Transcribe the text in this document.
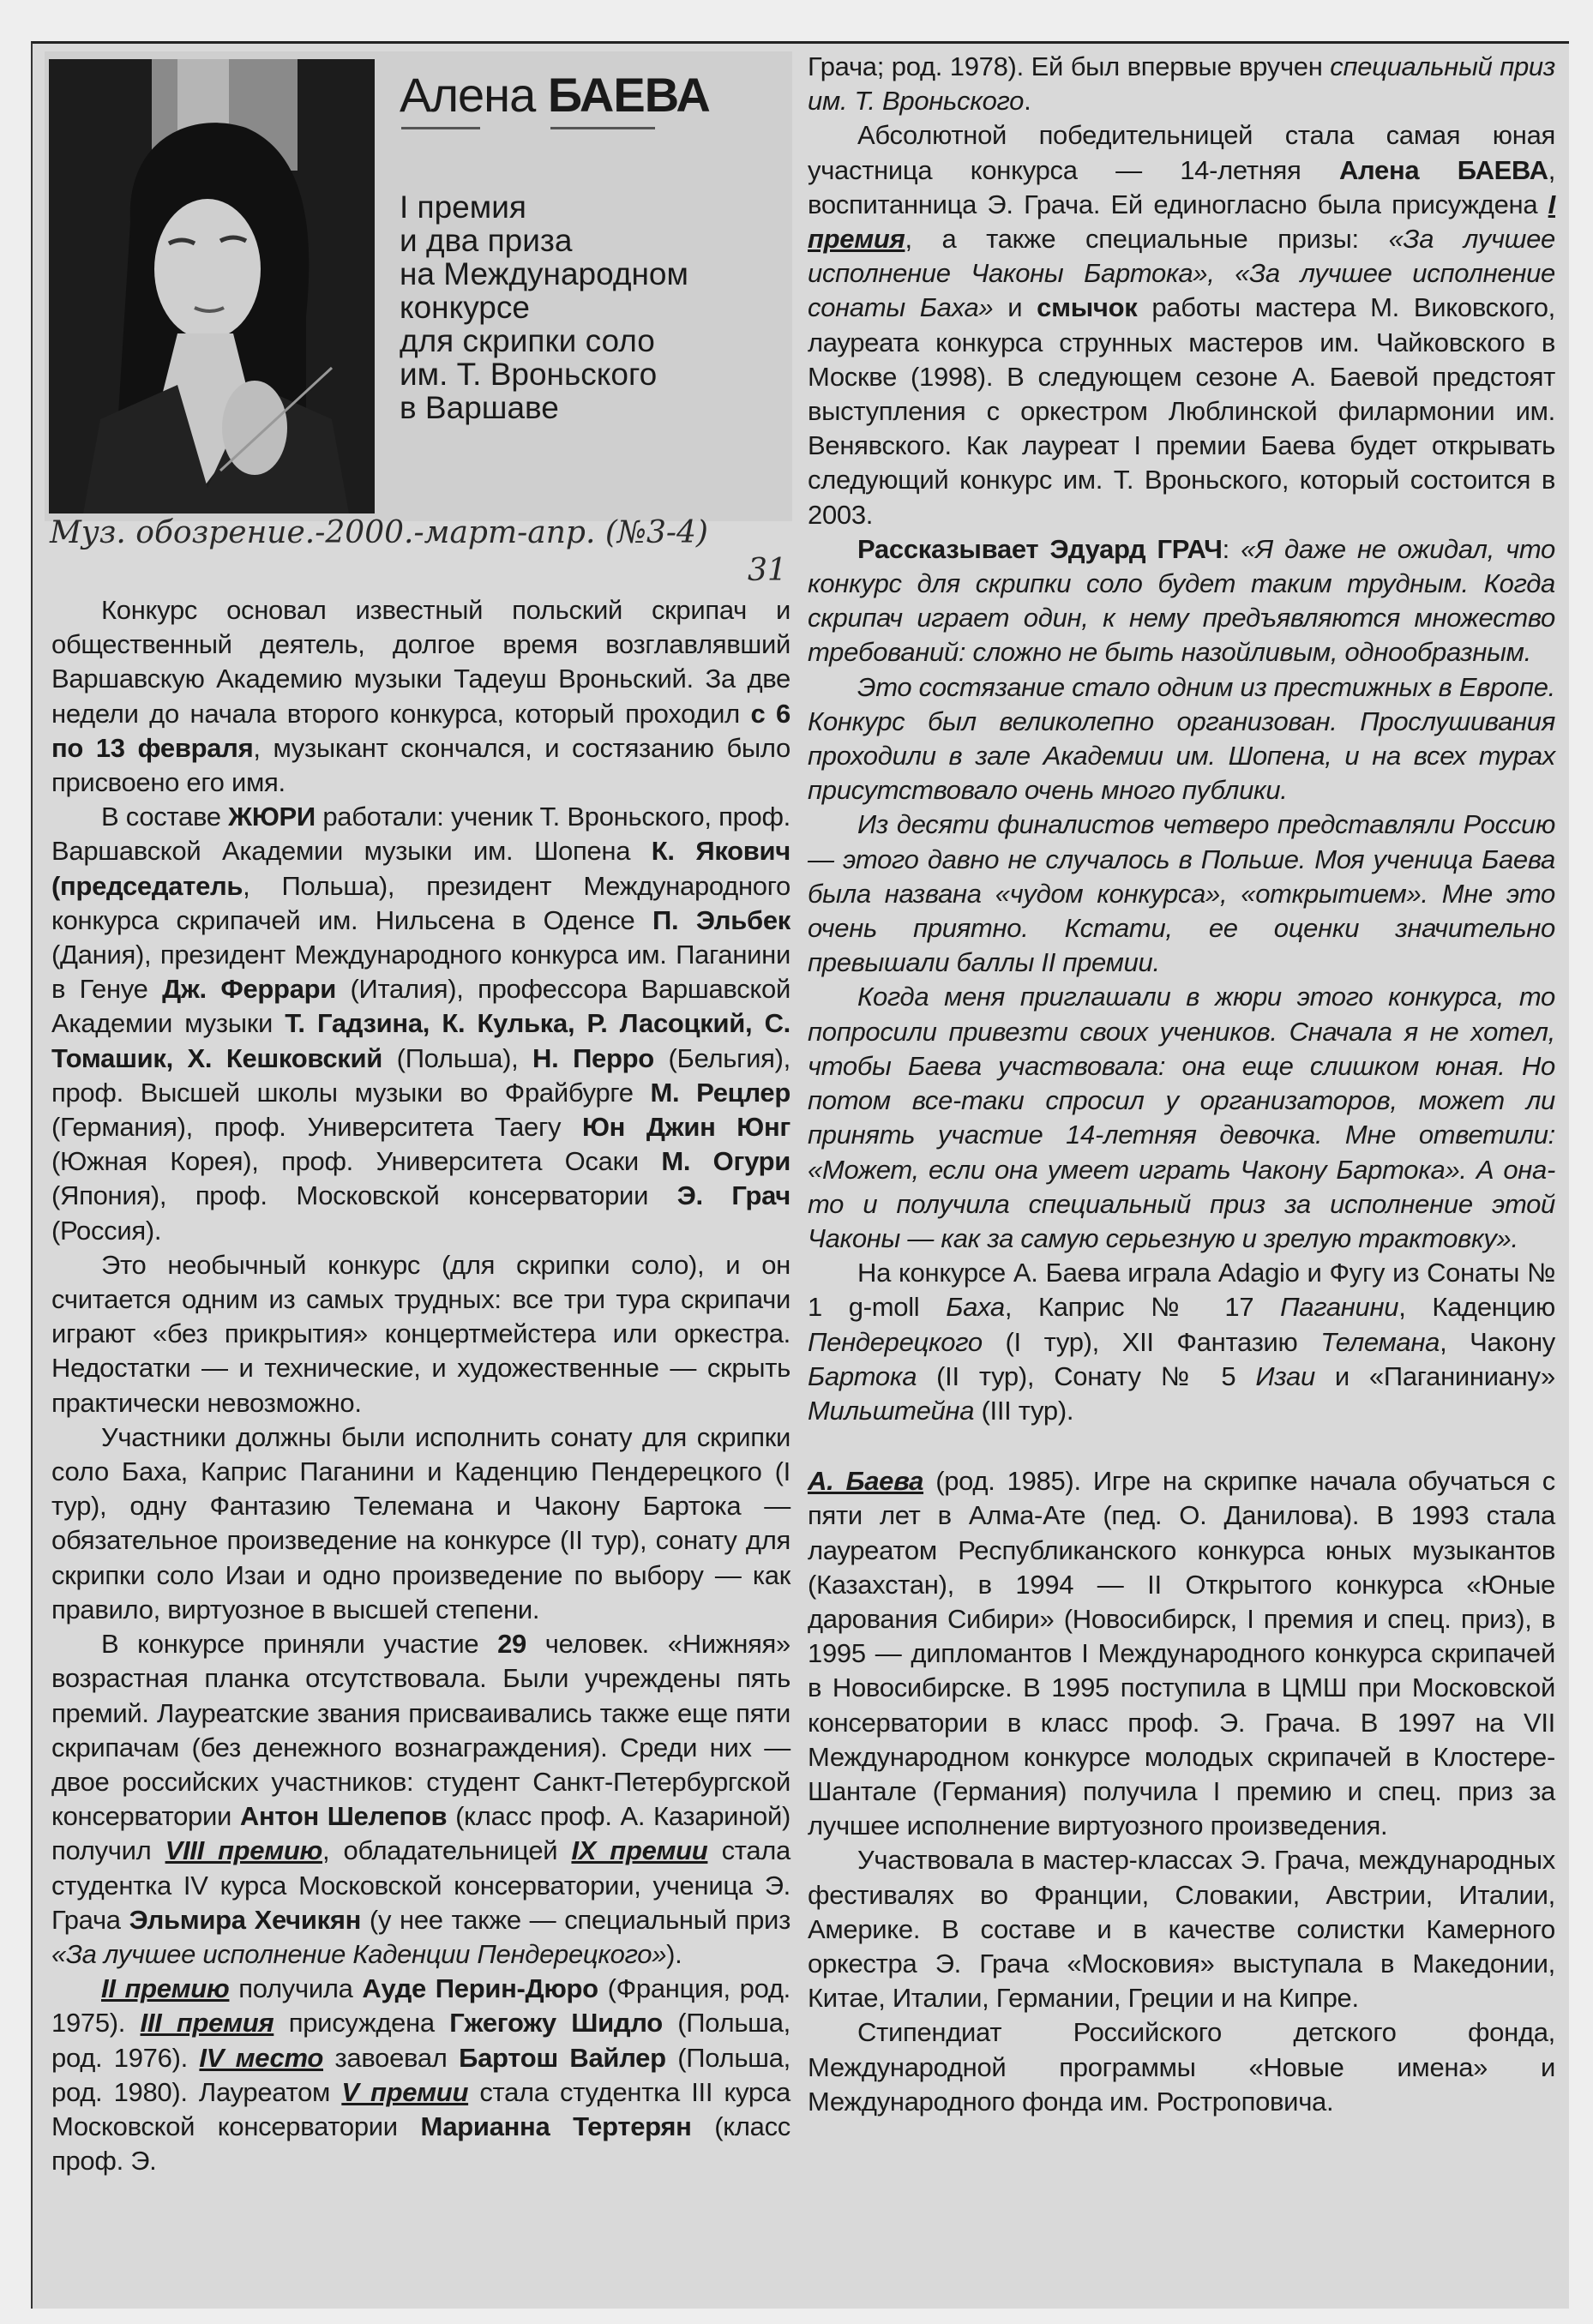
Алена БАЕВА
I премия
и два приза
на Международном
конкурсе
для скрипки соло
им. Т. Вроньского
в Варшаве

Конкурс основал известный польский скрипач и общественный деятель, долгое время возглавлявший Варшавскую Академию музыки Тадеуш Вроньский. За две недели до начала второго конкурса, который проходил с 6 по 13 февраля, музыкант скончался, и состязанию было присвоено его имя.

В составе ЖЮРИ работали: ученик Т. Вроньского, проф. Варшавской Академии музыки им. Шопена К. Якович (председатель, Польша), президент Международного конкурса скрипачей им. Нильсена в Оденсе П. Эльбек (Дания), президент Международного конкурса им. Паганини в Генуе Дж. Феррари (Италия), профессора Варшавской Академии музыки Т. Гадзина, К. Кулька, Р. Ласоцкий, С. Томашик, Х. Кешковский (Польша), Н. Перро (Бельгия), проф. Высшей школы музыки во Фрайбурге М. Рецлер (Германия), проф. Университета Таегу Юн Джин Юнг (Южная Корея), проф. Университета Осаки М. Огури (Япония), проф. Московской консерватории Э. Грач (Россия).

Это необычный конкурс (для скрипки соло), и он считается одним из самых трудных: все три тура скрипачи играют «без прикрытия» концертмейстера или оркестра. Недостатки — и технические, и художественные — скрыть практически невозможно.

Участники должны были исполнить сонату для скрипки соло Баха, Каприс Паганини и Каденцию Пендерецкого (I тур), одну Фантазию Телемана и Чакону Бартока — обязательное произведение на конкурсе (II тур), сонату для скрипки соло Изаи и одно произведение по выбору — как правило, виртуозное в высшей степени.

В конкурсе приняли участие 29 человек. «Нижняя» возрастная планка отсутствовала. Были учреждены пять премий. Лауреатские звания присваивались также еще пяти скрипачам (без денежного вознаграждения). Среди них — двое российских участников: студент Санкт-Петербургской консерватории Антон Шелепов (класс проф. А. Казариной) получил VIII премию, обладательницей IX премии стала студентка IV курса Московской консерватории, ученица Э. Грача Эльмира Хечикян (у нее также — специальный приз «За лучшее исполнение Каденции Пендерецкого»).

II премию получила Ауде Перин-Дюро (Франция, род. 1975). III премия присуждена Гжегожу Шидло (Польша, род. 1976). IV место завоевал Бартош Вайлер (Польша, род. 1980). Лауреатом V премии стала студентка III курса Московской консерватории Марианна Тертерян (класс проф. Э.

Грача; род. 1978). Ей был впервые вручен специальный приз им. Т. Вроньского.

Абсолютной победительницей стала самая юная участница конкурса — 14-летняя Алена БАЕВА, воспитанница Э. Грача. Ей единогласно была присуждена I премия, а также специальные призы: «За лучшее исполнение Чаконы Бартока», «За лучшее исполнение сонаты Баха» и смычок работы мастера М. Виковского, лауреата конкурса струнных мастеров им. Чайковского в Москве (1998). В следующем сезоне А. Баевой предстоят выступления с оркестром Люблинской филармонии им. Венявского. Как лауреат I премии Баева будет открывать следующий конкурс им. Т. Вроньского, который состоится в 2003.

Рассказывает Эдуард ГРАЧ: «Я даже не ожидал, что конкурс для скрипки соло будет таким трудным. Когда скрипач играет один, к нему предъявляются множество требований: сложно не быть назойливым, однообразным.

Это состязание стало одним из престижных в Европе. Конкурс был великолепно организован. Прослушивания проходили в зале Академии им. Шопена, и на всех турах присутствовало очень много публики.

Из десяти финалистов четверо представляли Россию — этого давно не случалось в Польше. Моя ученица Баева была названа «чудом конкурса», «открытием». Мне это очень приятно. Кстати, ее оценки значительно превышали баллы II премии.

Когда меня приглашали в жюри этого конкурса, то попросили привезти своих учеников. Сначала я не хотел, чтобы Баева участвовала: она еще слишком юная. Но потом все-таки спросил у организаторов, может ли принять участие 14-летняя девочка. Мне ответили: «Может, если она умеет играть Чакону Бартока». А она-то и получила специальный приз за исполнение этой Чаконы — как за самую серьезную и зрелую трактовку».

На конкурсе А. Баева играла Adagio и Фугу из Сонаты № 1 g-moll Баха, Каприс № 17 Паганини, Каденцию Пендерецкого (I тур), XII Фантазию Телемана, Чакону Бартока (II тур), Сонату № 5 Изаи и «Паганиниану» Мильштейна (III тур).

А. Баева (род. 1985). Игре на скрипке начала обучаться с пяти лет в Алма-Ате (пед. О. Данилова). В 1993 стала лауреатом Республиканского конкурса юных музыкантов (Казахстан), в 1994 — II Открытого конкурса «Юные дарования Сибири» (Новосибирск, I премия и спец. приз), в 1995 — дипломантов I Международного конкурса скрипачей в Новосибирске. В 1995 поступила в ЦМШ при Московской консерватории в класс проф. Э. Грача. В 1997 на VII Международном конкурсе молодых скрипачей в Клостере-Шантале (Германия) получила I премию и спец. приз за лучшее исполнение виртуозного произведения.

Участвовала в мастер-классах Э. Грача, международных фестивалях во Франции, Словакии, Австрии, Италии, Америке. В составе и в качестве солистки Камерного оркестра Э. Грача «Московия» выступала в Македонии, Китае, Италии, Германии, Греции и на Кипре.

Стипендиат Российского детского фонда, Международной программы «Новые имена» и Международного фонда им. Ростроповича.

Муз. обозрение.-2000.-март-апр. (№3-4)
31
